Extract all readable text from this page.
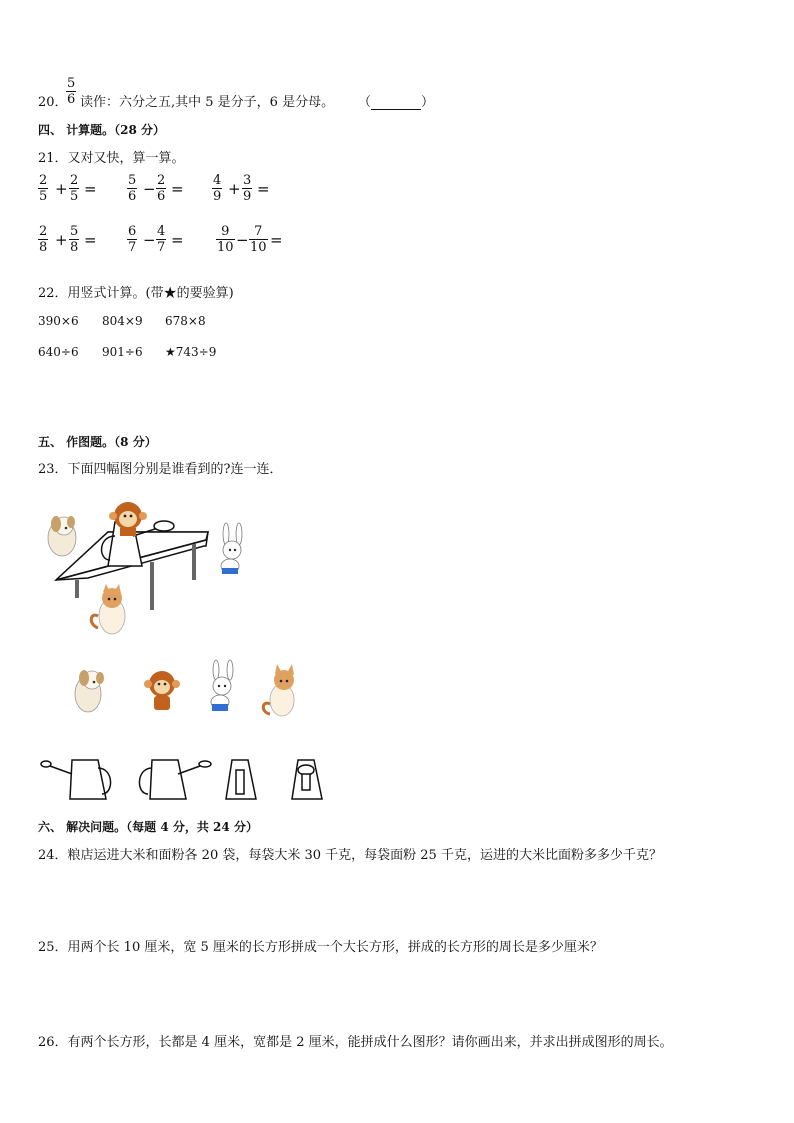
20．
$\frac{5}{6}$ 读作：六分之五,其中 5 是分子，6 是分母。 （	）
四、 计算题。（28 分）
21．又对又快，算一算。
$\frac{2}{5} + \frac{2}{5} = \frac{5}{6} - \frac{2}{6} = \frac{4}{9} + \frac{3}{9}$ =
$\frac{2}{8} + \frac{5}{8} = \frac{6}{7} - \frac{4}{7} = \frac{9}{10} - \frac{7}{10}$ =
22．用竖式计算。(带★的要验算)
390×6 804×9 678×8
640÷6 901÷6 ★743÷9
五、 作图题。（8 分）
23．下面四幅图分别是谁看到的?连一连．
六、 解决问题。（每题 4 分，共 24 分）
24．粮店运进大米和面粉各 20 袋，每袋大米 30 千克，每袋面粉 25 千克，运进的大米比面粉多多少千克？
25．用两个长 10 厘米，宽 5 厘米的长方形拼成一个大长方形，拼成的长方形的周长是多少厘米？
26．有两个长方形，长都是 4 厘米，宽都是 2 厘米，能拼成什么图形？请你画出来，并求出拼成图形的周长。
